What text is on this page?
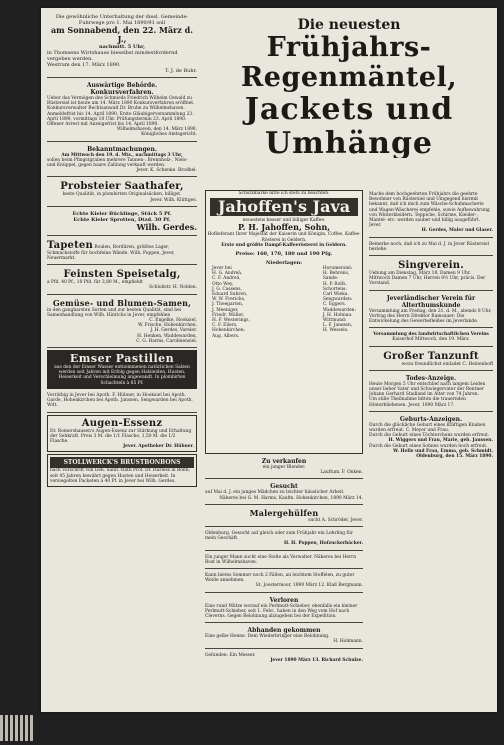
Die gewöhnliche Unterhaltung der diesl. Gemeinde-
Fuhrwege pro 1. Mai 1890/91 soll
am Sonnabend, den 22. März d. J.,
nachmitt. 5 Uhr,
in Thomsens Wirtshause hieselbst mindestfordernd
vergeben werden.
Westrum den 17. März 1890.
T. J. de Buhr.
Auswärtige Behörde.
Konkursverfahren.
Ueber das Vermögen des Schmieds Friedrich Wilhelm Oswald zu Rüstersiel ist heute am 14. März 1890 Konkursverfahren eröffnet. Konkursverwalter Rechtsanwalt Dr. Bruhn zu Wilhelmshaven. Anmeldefrist bis 14. April 1890. Erste Gläubigerversammlung 23. April 1890, vormittags 10 Uhr. Prüfungstermin 23. April 1890. Offener Arrest mit Anzeigefrist bis 14. April 1890.
Wilhelmshaven, den 14. März 1890.
Königliches Amtsgericht.
Bekanntmachungen.
Am Mittwoch den 19. d. Mts., nachmittags 3 Uhr,
sollen beim Pfingstgraben mehrere Tannen-, Brennholz-, Niels- und Knüppel, gegen baare Zahlung verkauft werden.
Jever. K. Schenke. Brodbel.
Probsteier Saathafer,
beste Qualität, in plombirten Originalsäcken, billigst.
Jever. Wilh. Klüttges.
Echte Kieler Bücklinge, Stück 5 Pf.
Echte Kieler Sprotten, Dtzd. 30 Pf.
Wilh. Gerdes.
Tapeten Roulen, Bordüren, größtes Lager, Schmuckstoffe für hochfeine Wände. Wilh. Poppen, Jever, Neuermarkt.
Feinsten Speisetalg,
a Pfd. 40 Pf., 10 Pfd. für 3,80 M., empfiehlt
Schloßstr. H. Noblen.
Gemüse- und Blumen-Samen,
in den gangbarsten Sorten und zur besten Qualität, sind bei Samenhandlung von Wilh. Hinrichs in Jever, empfehlen
C. Engelke, Hooksiel.
W. Frische, Hohenkirchen.
J. H. Gerdes, Vareler.
H. Henken, Waddewarden.
C. G. Harms, Carolinensiel.
Emser Pastillen
aus den der Emser Wasser entnommenen natürlichen Salzen werden seit Jahren mit Erfolg gegen Halsleiden, Husten, Heiserkeit und Verschleimung angewandt. In plombirten Schachteln à 85 Pf.
Vorräthig in Jever bei Apoth. F. Hübner, in Hooksiel bei Apoth. Garde, Hohenkirchen bei Apoth. Janssen, Sengwarden bei Apoth. Witt.
Augen-Essenz
Dr. Romershausen's Augen-Essenz zur Stärkung und Erhaltung der Sehkraft. Preis 3 M. die 1/1 Flasche, 1,50 M. die 1/2 Flasche.
Jever. Apotheker Dr. Hübner.
STOLLWERCK'S BRUSTBONBONS
nach Vorschrift von Geh. Sanit.-Rath Prof. Dr. Harless in Bonn; seit 45 Jahren bewährt gegen Husten und Heiserkeit. In versiegelten Packeten à 40 Pf. in Jever bei Wilh. Gerdes.
Die neuesten
Frühjahrs-Regenmäntel,
Jackets und Umhänge
Schutzmarke bitte ich stets zu beachten.
Jahoffen's Java
neuestens besser und billiger Kaffee.
P. H. Jahoffen, Sohn,
Hoflieferant Ihrer Majestät der Kaiserin und Königin, Coffee, Kaffee-Rösterei in Geldern.
Erste und größte Dampf-Kaffeerösterei in Geldern.
Preise: 160, 170, 180 und 190 Pfg.
Niederlagen:
Jever bei
H. G. Andreä,
C. F. Andreä,
Otto Wey,
J. G. Cassens,
Eduard Suhren,
W. W. Frerichs,
J. Theegarten,
J. Meeniger,
Friedr. Müller,
H. F. Westerings,
C. F. Eilers.
Hohenkirchen:
Aug. Albers.
Horumersiel:
H. Behrens,
Sande:
H. P. Rolfs.
Schortens:
Carl Wieka.
Sengwarden:
C. Eggers.
Waddewarden:
J. H. Hohnau.
Wittmund:
L. F. Janssen,
H. Wessels.
Zu verkaufen
ein junger Blender.
Lauftum. F. Onken.
Gesucht
auf Mai d. J. ein junges Mädchen zu leichter häuslicher Arbeit.
Näheres bei G. M. Harms, Kaufm. Hohenkirchen, 1890 März 14.
Malergehülfen
sucht A. Schröder, Jever.
Oldenburg. Gesucht auf gleich oder zum Frühjahr ein Lehrling für mein Geschäft.
H. H. Poppen, Hofzuckerbäcker.
Ein junger Mann sucht eine Stelle als Verwalter. Näheres bei Herrn Bost in Wilhelmshaven.
Kann bietes Sommer noch 2 Fällen, an leichtem Stoffelen, zu guter Weide annehmen.
St. Joostermoor, 1890 März 12. Klaß Bergmann.
Verloren
Eine rund Mütze worauf ein Perlmutt-Schieber, ebenfalls ein kleiner Perlmutt-Schieber, seit 1. Febr., haben in den Weg vom Hof nach Cleverns. Gegen Belohnung abzugeben bei der Expedition.
Abhanden gekommen
Eine gelbe Henne. Dem Wiederbringer eine Belohnung.
H. Hohmann.
Gefunden: Ein Messer.
Jever 1890 März 13. Richard Schulze.
Mache dem hochgeehrten Frühjahrs die geehrte Bewohner von Rüstersiel und Umgegend hiermit bekannt, daß ich mich zum Wäsche-Schuhmacherie und Wagen-Wäscherei empfehle, sowie Aufbewahrung von Winterkleidern. Teppiche, Schirme, Kleider-, Mantel- etc. werden sauber und billig ausgeführt.
Jever.
H. Gerdes, Maler und Glaser.
Bemerke noch, daß ich zu Mai d. J. in Jever Rüstersiel beziehe.
Singverein.
Uebung am Dienstag, März 18, Damen 9 Uhr. Mittwoch Damen 7 Uhr, Herren 8½ Uhr, präcis. Der Vorstand.
Jeverländischer Verein für Alterthumskunde
Versammlung am Freitag, den 21. d. M., abends 8 Uhr, Vortrag des Herrn Direktor Ramsauer: Die Entwickelung des Gewerbefleißes im Jeverlande.
Versammlung des landwirtschaftlichen Vereins
Kaiserhof Mittwoch, den 19. März.
Großer Tanzunft
wozu freundlichst einladet C. Heinenhoff
Todes-Anzeige.
Heute Morgen 5 Uhr entschlief nach langem Leiden unser lieber Vater und Schwiegervater der Rentner Johann Gerhard Stadland im Alter von 74 Jahren.
Um stille Theilnahme bitten die trauernden Hinterbliebenen. Jever, 1890 März 17.
Geburts-Anzeigen.
Durch die glückliche Geburt eines kräftigen Knaben wurden erfreut. C. Meyer und Frau.
Durch die Geburt eines Töchterchens wurden erfreut.
H. Wiggers und Frau, Marie, geb. Janssen.
Durch die Geburt eines Sohnes wurden hoch erfreut.
W. Helle und Frau, Emma, geb. Schmidt. Oldenburg, den 15. März 1890.
